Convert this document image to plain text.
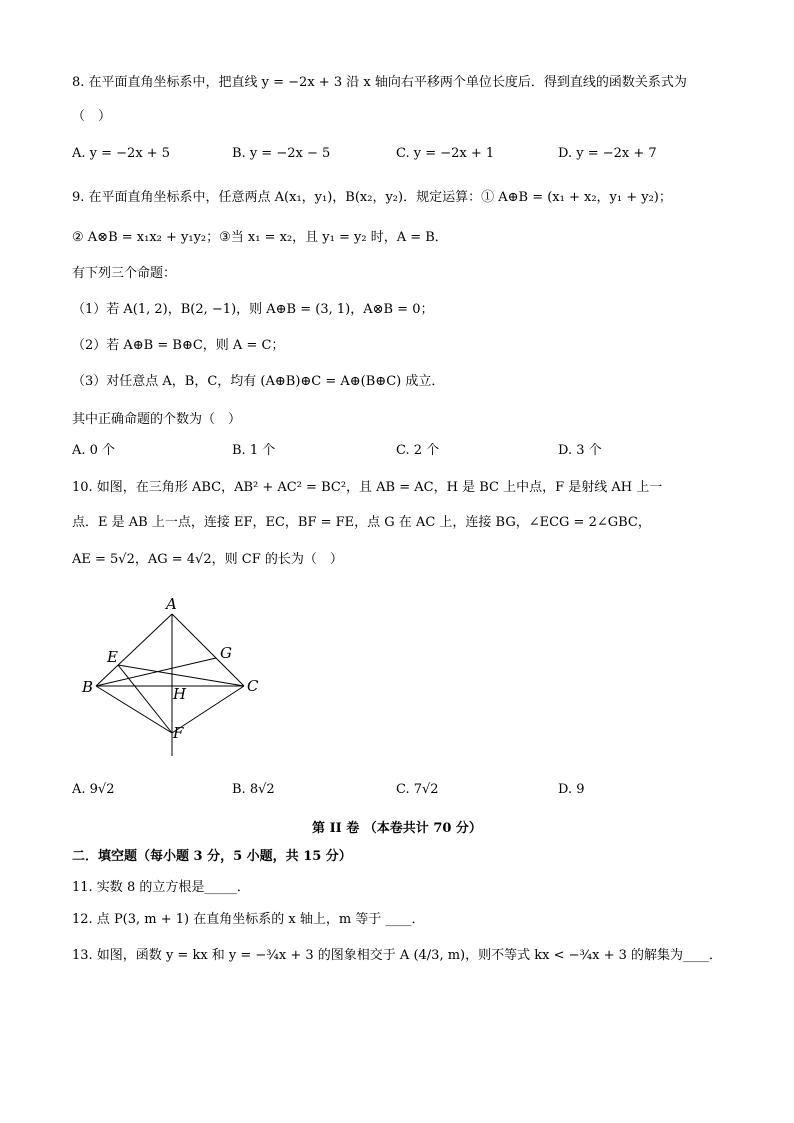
8. 在平面直角坐标系中，把直线 y = −2x + 3 沿 x 轴向右平移两个单位长度后．得到直线的函数关系式为
（　）
A. y = −2x + 5	B. y = −2x − 5	C. y = −2x + 1	D. y = −2x + 7
9. 在平面直角坐标系中，任意两点 A(x₁，y₁)，B(x₂，y₂)．规定运算：① A⊕B = (x₁ + x₂，y₁ + y₂)；
② A⊗B = x₁x₂ + y₁y₂；③当 x₁ = x₂，且 y₁ = y₂ 时，A = B．
有下列三个命题：
（1）若 A(1, 2)，B(2, −1)，则 A⊕B = (3, 1)，A⊗B = 0；
（2）若 A⊕B = B⊕C，则 A = C；
（3）对任意点 A，B，C，均有 (A⊕B)⊕C = A⊕(B⊕C) 成立．
其中正确命题的个数为（　）
A. 0 个	B. 1 个	C. 2 个	D. 3 个
10. 如图，在三角形 ABC，AB² + AC² = BC²，且 AB = AC，H 是 BC 上中点，F 是射线 AH 上一
点．E 是 AB 上一点，连接 EF，EC，BF = FE，点 G 在 AC 上，连接 BG，∠ECG = 2∠GBC，
AE = 5√2，AG = 4√2，则 CF 的长为（　）
A
E	G
B	H	C
F
A. 9√2	B. 8√2	C. 7√2	D. 9
第 II 卷 （本卷共计 70 分）
二．填空题（每小题 3 分，5 小题，共 15 分）
11. 实数 8 的立方根是_____．
12. 点 P(3, m + 1) 在直角坐标系的 x 轴上，m 等于 ____．
13. 如图，函数 y = kx 和 y = −¾x + 3 的图象相交于 A (4/3, m)，则不等式 kx < −¾x + 3 的解集为____．
